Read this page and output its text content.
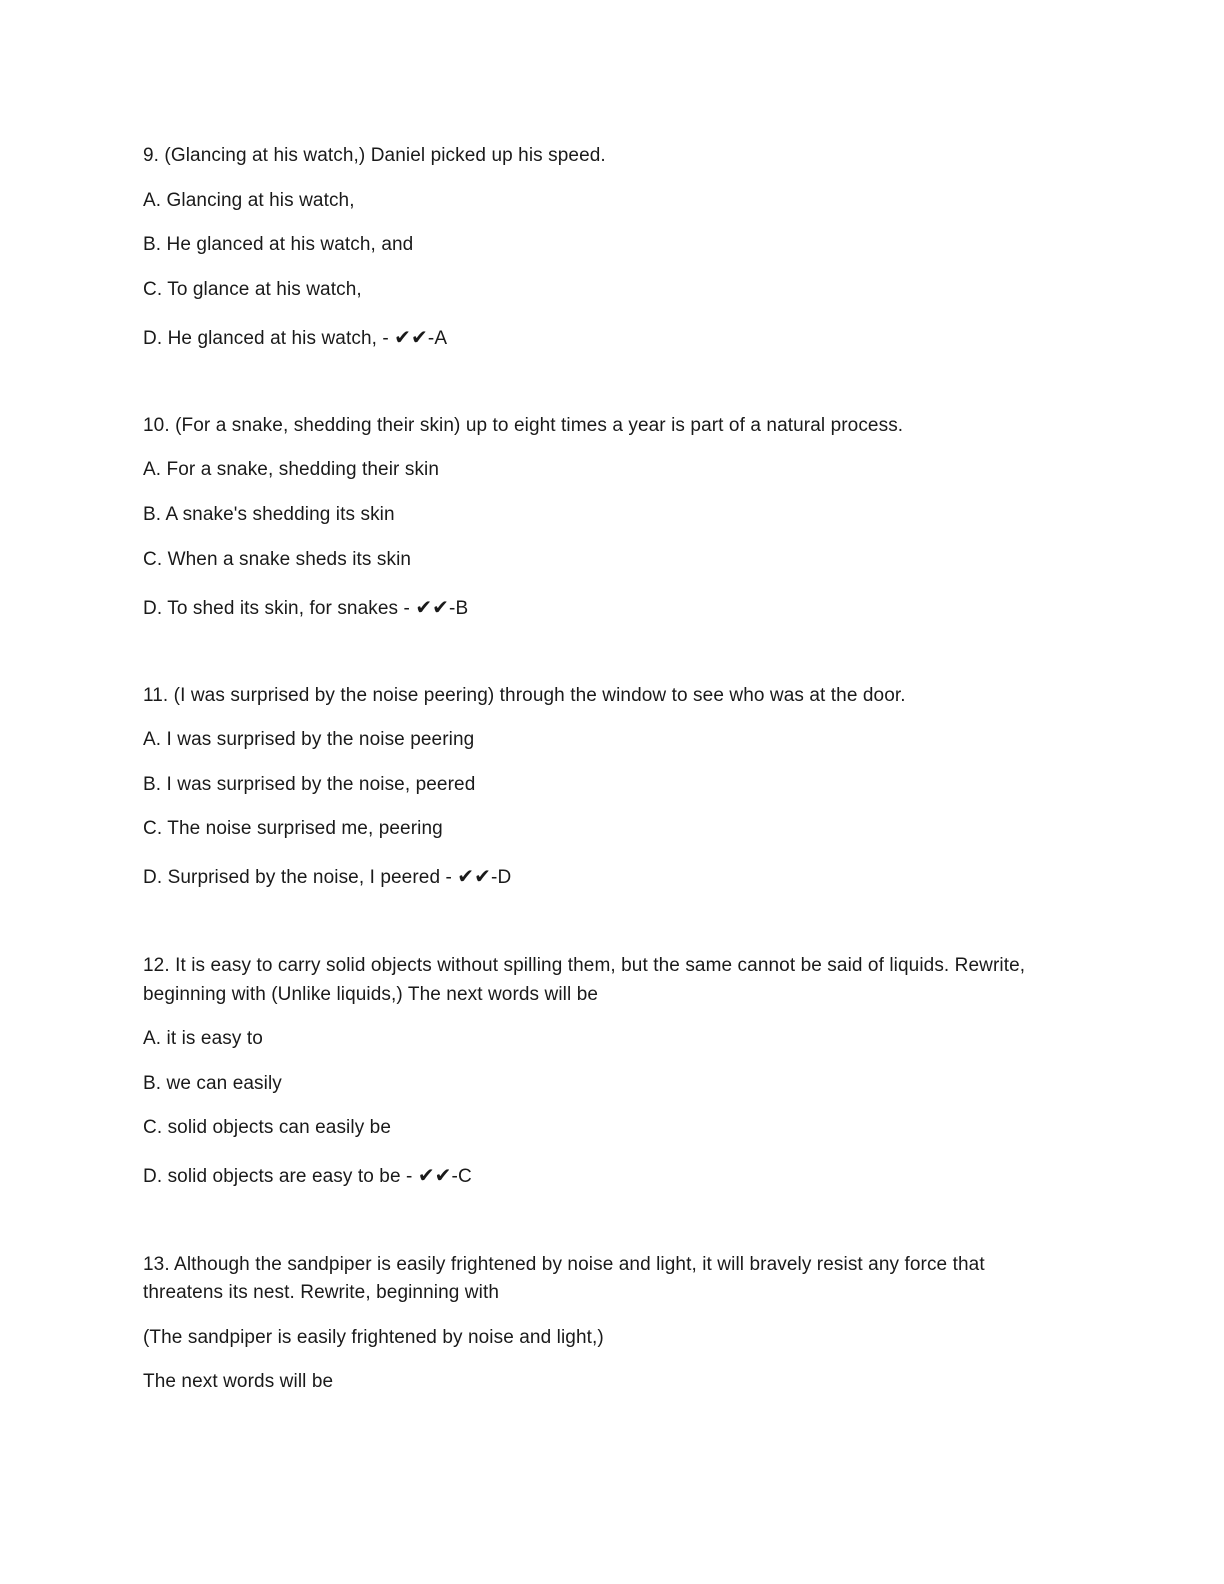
9. (Glancing at his watch,) Daniel picked up his speed.
A. Glancing at his watch,
B. He glanced at his watch, and
C. To glance at his watch,
D. He glanced at his watch, - ✔✔-A
10. (For a snake, shedding their skin) up to eight times a year is part of a natural process.
A. For a snake, shedding their skin
B. A snake's shedding its skin
C. When a snake sheds its skin
D. To shed its skin, for snakes - ✔✔-B
11. (I was surprised by the noise peering) through the window to see who was at the door.
A. I was surprised by the noise peering
B. I was surprised by the noise, peered
C. The noise surprised me, peering
D. Surprised by the noise, I peered - ✔✔-D
12. It is easy to carry solid objects without spilling them, but the same cannot be said of liquids. Rewrite,
beginning with (Unlike liquids,) The next words will be
A. it is easy to
B. we can easily
C. solid objects can easily be
D. solid objects are easy to be - ✔✔-C
13. Although the sandpiper is easily frightened by noise and light, it will bravely resist any force that
threatens its nest. Rewrite, beginning with
(The sandpiper is easily frightened by noise and light,)
The next words will be
